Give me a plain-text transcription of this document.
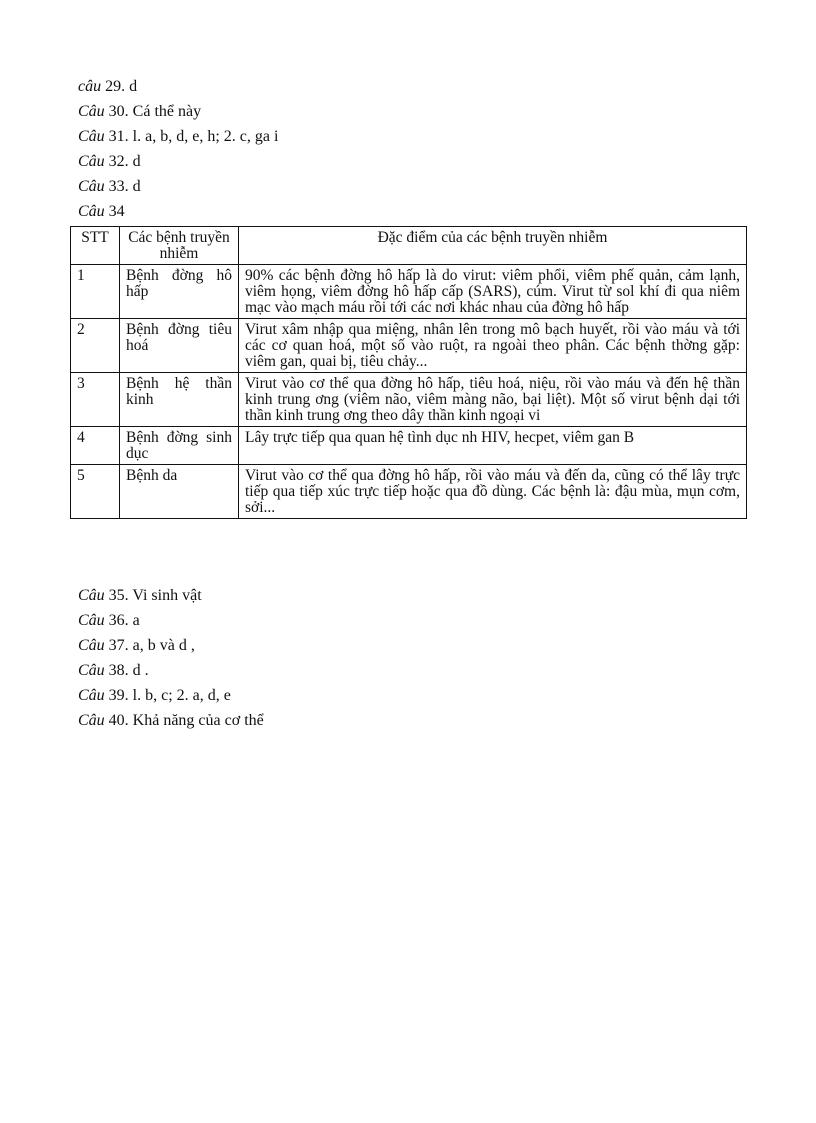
câu 29. d
Câu 30. Cá thể này
Câu 31. l. a, b, d, e, h; 2. c, ga i
Câu 32. d
Câu 33. d
Câu 34
STT	Các bệnh truyền nhiễm	Đặc điểm của các bệnh truyền nhiễm
1	Bệnh đờng hô hấp	90% các bệnh đờng hô hấp là do virut: viêm phổi, viêm phế quản, cảm lạnh, viêm họng, viêm đờng hô hấp cấp (SARS), cúm. Virut từ sol khí đi qua niêm mạc vào mạch máu rồi tới các nơi khác nhau của đờng hô hấp
2	Bệnh đờng tiêu hoá	Virut xâm nhập qua miệng, nhân lên trong mô bạch huyết, rồi vào máu và tới các cơ quan hoá, một số vào ruột, ra ngoài theo phân. Các bệnh thờng gặp: viêm gan, quai bị, tiêu chảy...
3	Bệnh hệ thần kinh	Virut vào cơ thể qua đờng hô hấp, tiêu hoá, niệu, rồi vào máu và đến hệ thần kinh trung ơng (viêm não, viêm màng não, bại liệt). Một số virut bệnh dại tới thần kinh trung ơng theo dây thần kinh ngoại vi
4	Bệnh đờng sinh dục	Lây trực tiếp qua quan hệ tình dục nh HIV, hecpet, viêm gan B
5	Bệnh da	Virut vào cơ thể qua đờng hô hấp, rồi vào máu và đến da, cũng có thể lây trực tiếp qua tiếp xúc trực tiếp hoặc qua đồ dùng. Các bệnh là: đậu mùa, mụn cơm, sởi...
Câu 35. Vi sinh vật
Câu 36. a
Câu 37. a, b và d ,
Câu 38. d .
Câu 39. l. b, c; 2. a, d, e
Câu 40. Khả năng của cơ thể
